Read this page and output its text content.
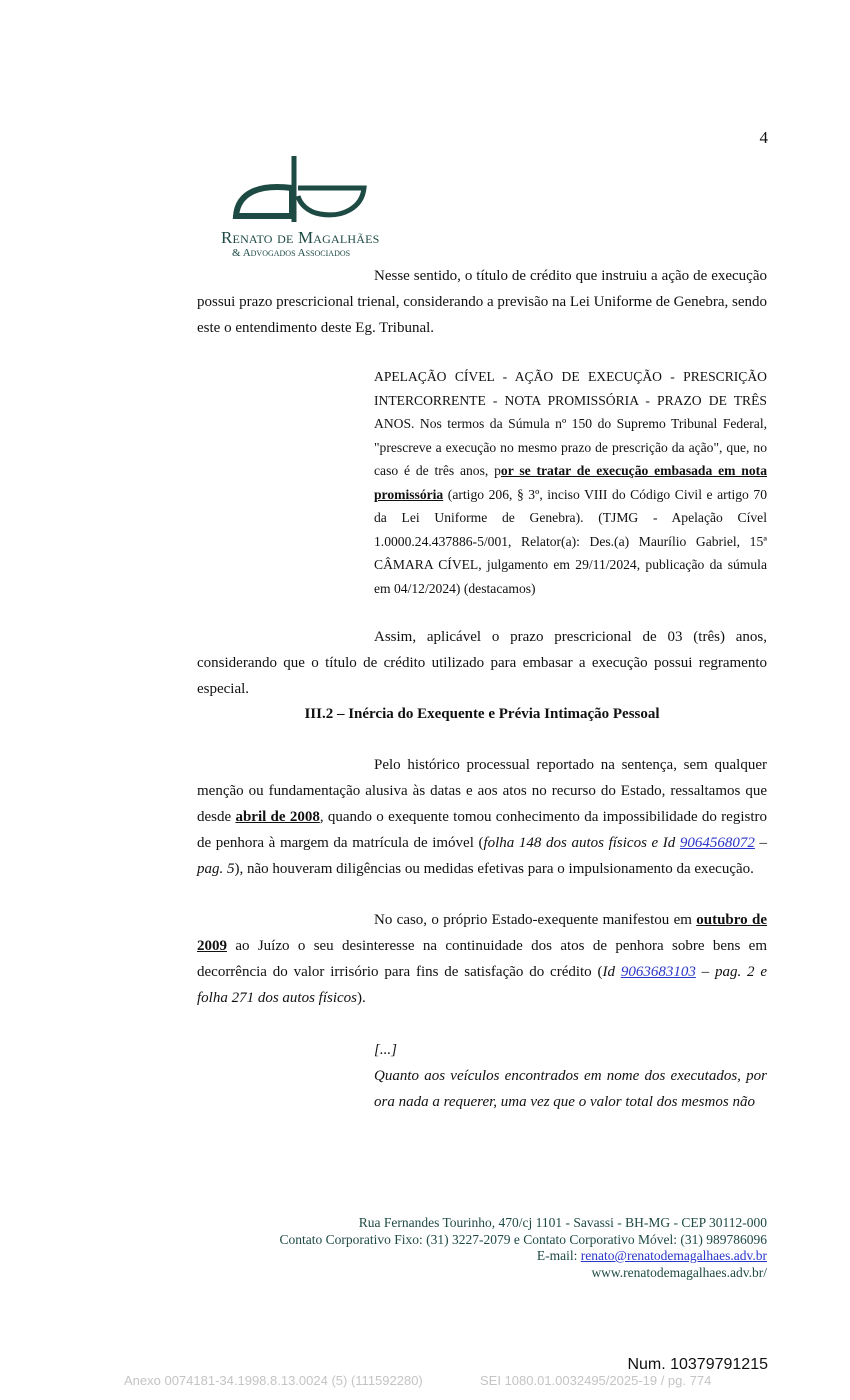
4
Renato de Magalhães
& Advogados Associados

Nesse sentido, o título de crédito que instruiu a ação de execução possui prazo prescricional trienal, considerando a previsão na Lei Uniforme de Genebra, sendo este o entendimento deste Eg. Tribunal.

APELAÇÃO CÍVEL - AÇÃO DE EXECUÇÃO - PRESCRIÇÃO INTERCORRENTE - NOTA PROMISSÓRIA - PRAZO DE TRÊS ANOS. Nos termos da Súmula nº 150 do Supremo Tribunal Federal, "prescreve a execução no mesmo prazo de prescrição da ação", que, no caso é de três anos, por se tratar de execução embasada em nota promissória (artigo 206, § 3º, inciso VIII do Código Civil e artigo 70 da Lei Uniforme de Genebra). (TJMG - Apelação Cível 1.0000.24.437886-5/001, Relator(a): Des.(a) Maurílio Gabriel, 15ª CÂMARA CÍVEL, julgamento em 29/11/2024, publicação da súmula em 04/12/2024) (destacamos)

Assim, aplicável o prazo prescricional de 03 (três) anos, considerando que o título de crédito utilizado para embasar a execução possui regramento especial.

III.2 – Inércia do Exequente e Prévia Intimação Pessoal

Pelo histórico processual reportado na sentença, sem qualquer menção ou fundamentação alusiva às datas e aos atos no recurso do Estado, ressaltamos que desde abril de 2008, quando o exequente tomou conhecimento da impossibilidade do registro de penhora à margem da matrícula de imóvel (folha 148 dos autos físicos e Id 9064568072 – pag. 5), não houveram diligências ou medidas efetivas para o impulsionamento da execução.

No caso, o próprio Estado-exequente manifestou em outubro de 2009 ao Juízo o seu desinteresse na continuidade dos atos de penhora sobre bens em decorrência do valor irrisório para fins de satisfação do crédito (Id 9063683103 – pag. 2 e folha 271 dos autos físicos).

[...]
Quanto aos veículos encontrados em nome dos executados, por ora nada a requerer, uma vez que o valor total dos mesmos não
Rua Fernandes Tourinho, 470/cj 1101 - Savassi - BH-MG - CEP 30112-000
Contato Corporativo Fixo: (31) 3227-2079 e Contato Corporativo Móvel: (31) 989786096
E-mail: renato@renatodemagalhaes.adv.br
www.renatodemagalhaes.adv.br/
Num. 10379791215
Anexo 0074181-34.1998.8.13.0024 (5) (111592280)	SEI 1080.01.0032495/2025-19 / pg. 774
